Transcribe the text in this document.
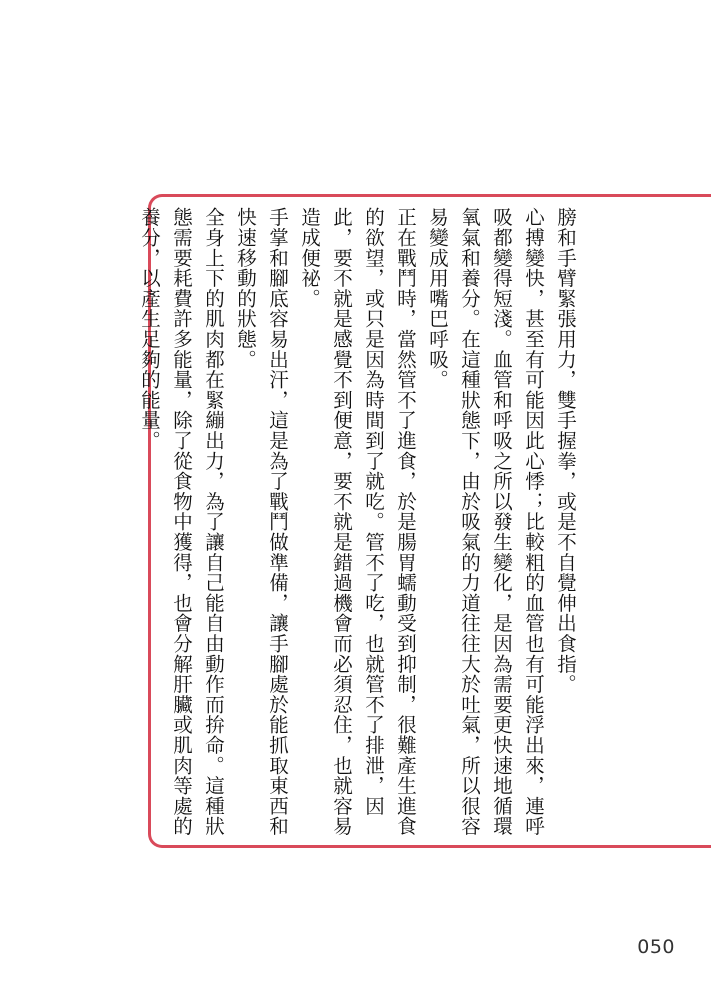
膀和手臂緊張用力，雙手握拳，或是不自覺伸出食指。

心搏變快，甚至有可能因此心悸；比較粗的血管也有可能浮出來，連呼吸都變得短淺。血管和呼吸之所以發生變化，是因為需要更快速地循環氧氣和養分。在這種狀態下，由於吸氣的力道往往大於吐氣，所以很容易變成用嘴巴呼吸。

正在戰鬥時，當然管不了進食，於是腸胃蠕動受到抑制，很難產生進食的欲望，或只是因為時間到了就吃。管不了吃，也就管不了排泄，因此，要不就是感覺不到便意，要不就是錯過機會而必須忍住，也就容易造成便祕。

手掌和腳底容易出汗，這是為了戰鬥做準備，讓手腳處於能抓取東西和快速移動的狀態。

全身上下的肌肉都在緊繃出力，為了讓自己能自由動作而拚命。這種狀態需要耗費許多能量，除了從食物中獲得，也會分解肝臟或肌肉等處的養分，以產生足夠的能量。

050
